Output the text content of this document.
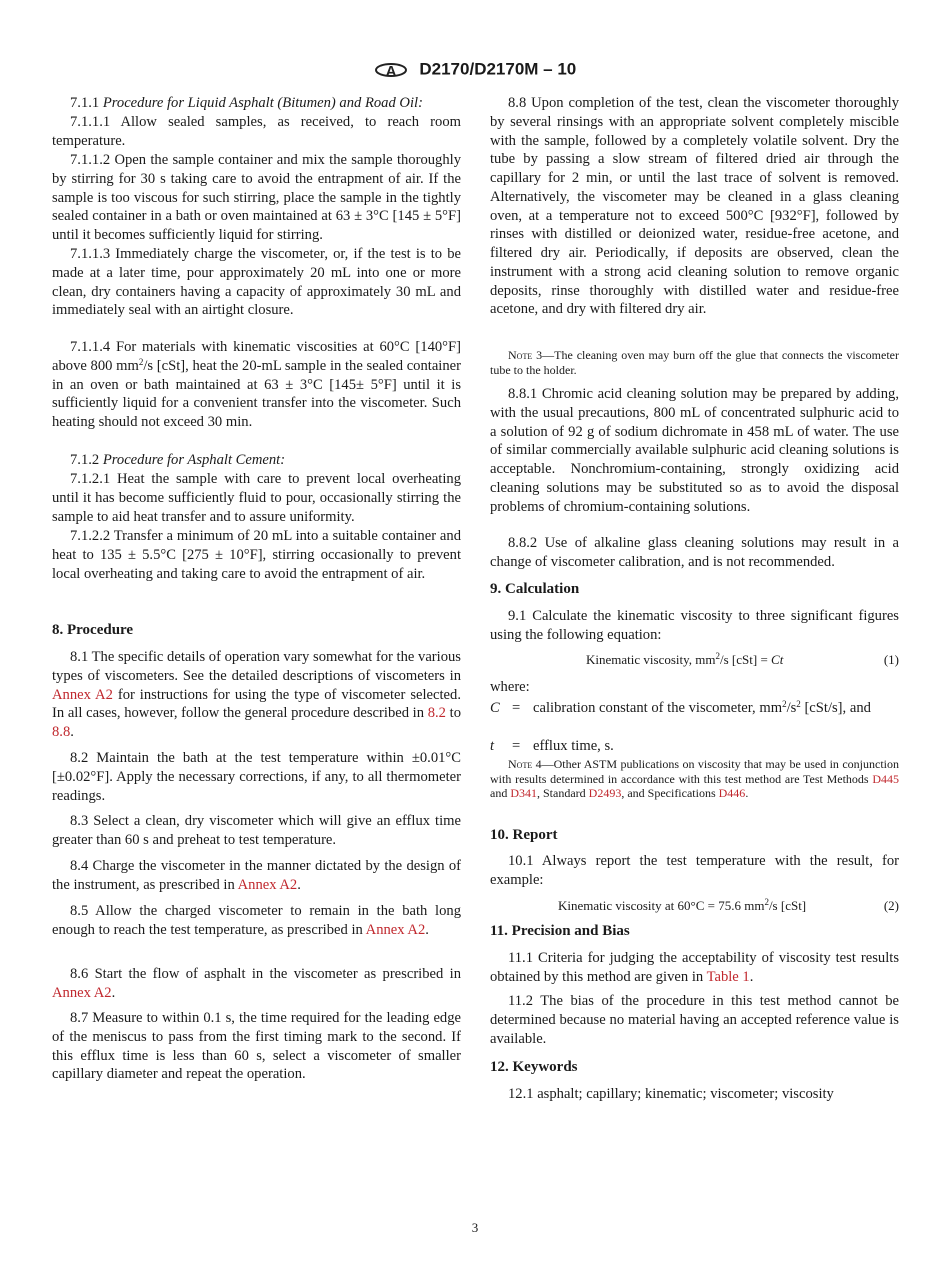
A D2170/D2170M – 10
7.1.1 Procedure for Liquid Asphalt (Bitumen) and Road Oil:
7.1.1.1 Allow sealed samples, as received, to reach room temperature.
7.1.1.2 Open the sample container and mix the sample thoroughly by stirring for 30 s taking care to avoid the entrapment of air. If the sample is too viscous for such stirring, place the sample in the tightly sealed container in a bath or oven maintained at 63 ± 3°C [145 ± 5°F] until it becomes sufficiently liquid for stirring.
7.1.1.3 Immediately charge the viscometer, or, if the test is to be made at a later time, pour approximately 20 mL into one or more clean, dry containers having a capacity of approximately 30 mL and immediately seal with an airtight closure.
7.1.1.4 For materials with kinematic viscosities at 60°C [140°F] above 800 $mm^2/s$ [cSt], heat the 20-mL sample in the sealed container in an oven or bath maintained at 63 ± 3°C [145± 5°F] until it is sufficiently liquid for a convenient transfer into the viscometer. Such heating should not exceed 30 min.
7.1.2 Procedure for Asphalt Cement:
7.1.2.1 Heat the sample with care to prevent local overheating until it has become sufficiently fluid to pour, occasionally stirring the sample to aid heat transfer and to assure uniformity.
7.1.2.2 Transfer a minimum of 20 mL into a suitable container and heat to 135 ± 5.5°C [275 ± 10°F], stirring occasionally to prevent local overheating and taking care to avoid the entrapment of air.
8. Procedure
8.1 The specific details of operation vary somewhat for the various types of viscometers. See the detailed descriptions of viscometers in Annex A2 for instructions for using the type of viscometer selected. In all cases, however, follow the general procedure described in 8.2 to 8.8.
8.2 Maintain the bath at the test temperature within ±0.01°C [±0.02°F]. Apply the necessary corrections, if any, to all thermometer readings.
8.3 Select a clean, dry viscometer which will give an efflux time greater than 60 s and preheat to test temperature.
8.4 Charge the viscometer in the manner dictated by the design of the instrument, as prescribed in Annex A2.
8.5 Allow the charged viscometer to remain in the bath long enough to reach the test temperature, as prescribed in Annex A2.
8.6 Start the flow of asphalt in the viscometer as prescribed in Annex A2.
8.7 Measure to within 0.1 s, the time required for the leading edge of the meniscus to pass from the first timing mark to the second. If this efflux time is less than 60 s, select a viscometer of smaller capillary diameter and repeat the operation.
8.8 Upon completion of the test, clean the viscometer thoroughly by several rinsings with an appropriate solvent completely miscible with the sample, followed by a completely volatile solvent. Dry the tube by passing a slow stream of filtered dried air through the capillary for 2 min, or until the last trace of solvent is removed. Alternatively, the viscometer may be cleaned in a glass cleaning oven, at a temperature not to exceed 500°C [932°F], followed by rinses with distilled or deionized water, residue-free acetone, and filtered dry air. Periodically, if deposits are observed, clean the instrument with a strong acid cleaning solution to remove organic deposits, rinse thoroughly with distilled water and residue-free acetone, and dry with filtered dry air.
Note 3—The cleaning oven may burn off the glue that connects the viscometer tube to the holder.
8.8.1 Chromic acid cleaning solution may be prepared by adding, with the usual precautions, 800 mL of concentrated sulphuric acid to a solution of 92 g of sodium dichromate in 458 mL of water. The use of similar commercially available sulphuric acid cleaning solutions is acceptable. Nonchromium-containing, strongly oxidizing acid cleaning solutions may be substituted so as to avoid the disposal problems of chromium-containing solutions.
8.8.2 Use of alkaline glass cleaning solutions may result in a change of viscometer calibration, and is not recommended.
9. Calculation
9.1 Calculate the kinematic viscosity to three significant figures using the following equation:
Kinematic viscosity, $mm^2/s$ [cSt] = Ct	(1)
where:
C = calibration constant of the viscometer, $mm^2/s^2$ [cSt/s], and
t = efflux time, s.
Note 4—Other ASTM publications on viscosity that may be used in conjunction with results determined in accordance with this test method are Test Methods D445 and D341, Standard D2493, and Specifications D446.
10. Report
10.1 Always report the test temperature with the result, for example:
Kinematic viscosity at 60°C = 75.6 $mm^2/s$ [cSt]	(2)
11. Precision and Bias
11.1 Criteria for judging the acceptability of viscosity test results obtained by this method are given in Table 1.
11.2 The bias of the procedure in this test method cannot be determined because no material having an accepted reference value is available.
12. Keywords
12.1 asphalt; capillary; kinematic; viscometer; viscosity
3
